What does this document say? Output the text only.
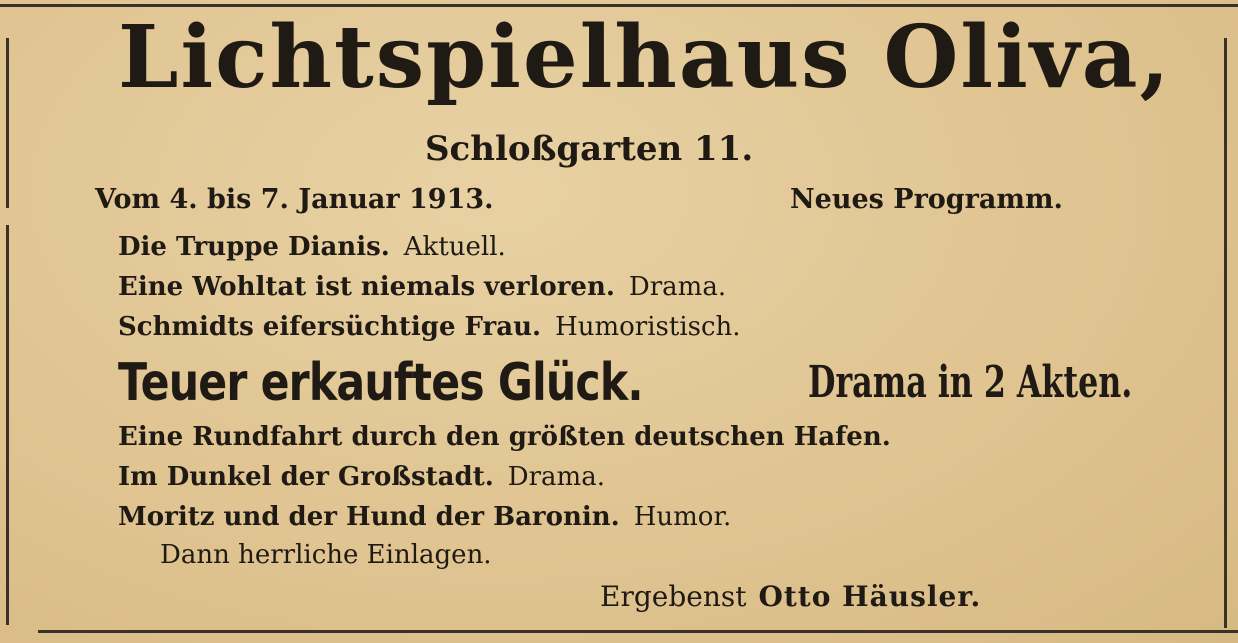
Lichtspielhaus Oliva,
Schloßgarten 11.
Vom 4. bis 7. Januar 1913.	Neues Programm.
Die Truppe Dianis. Aktuell.
Eine Wohltat ist niemals verloren. Drama.
Schmidts eifersüchtige Frau. Humoristisch.
Teuer erkauftes Glück.	Drama in 2 Akten.
Eine Rundfahrt durch den größten deutschen Hafen.
Im Dunkel der Großstadt. Drama.
Moritz und der Hund der Baronin. Humor.
Dann herrliche Einlagen.
Ergebenst Otto Häusler.
